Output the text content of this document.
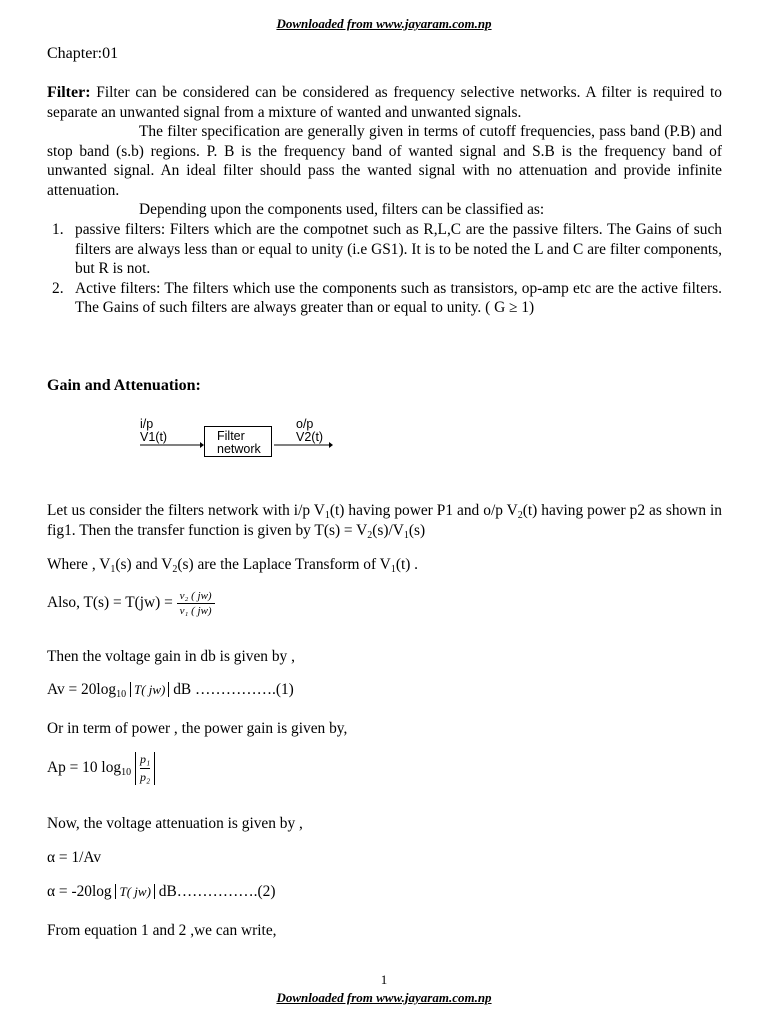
Downloaded from www.jayaram.com.np
Chapter:01

Filter: Filter can be considered can be considered as frequency selective networks. A filter is required to separate an unwanted signal from a mixture of wanted and unwanted signals.

The filter specification are generally given in terms of cutoff frequencies, pass band (P.B) and stop band (s.b) regions. P. B is the frequency band of wanted signal and S.B is the frequency band of unwanted signal. An ideal filter should pass the wanted signal with no attenuation and provide infinite attenuation.

Depending upon the components used, filters can be classified as:

1. passive filters: Filters which are the compotnet such as R,L,C are the passive filters. The Gains of such filters are always less than or equal to unity (i.e GS1). It is to be noted the L and C are filter components, but R is not.
2. Active filters: The filters which use the components such as transistors, op-amp etc are the active filters. The Gains of such filters are always greater than or equal to unity. ( G ≥ 1)
Gain and Attenuation:
i/p
V1(t)	Filter
network
o/p
V2(t)

Let us consider the filters network with i/p $V_1(t)$ having power P1 and o/p $V_2(t)$ having power p2 as shown in fig1. Then the transfer function is given by $T(s) = V_2(s)/V_1(s)$

Where , $V_1(s)$ and $V_2(s)$ are the Laplace Transform of $V_1(t)$ .
Also, $T(s) = T(jw) = \frac{\text{v₂ ( jw)}}{\text{v₁ ( jw)}}$
Then the voltage gain in db is given by ,
$Av = 20\log_{10}$ T( jw) dB …………….(1)
Or in term of power , the power gain is given by,
Ap = 10 $\log_{10} \frac{\text{p₁}}{\text{p₂}}$
Now, the voltage attenuation is given by ,
α = 1/Av
α = -20log T( jw) dB…………….(2)
From equation 1 and 2 ,we can write,
1
Downloaded from www.jayaram.com.np
